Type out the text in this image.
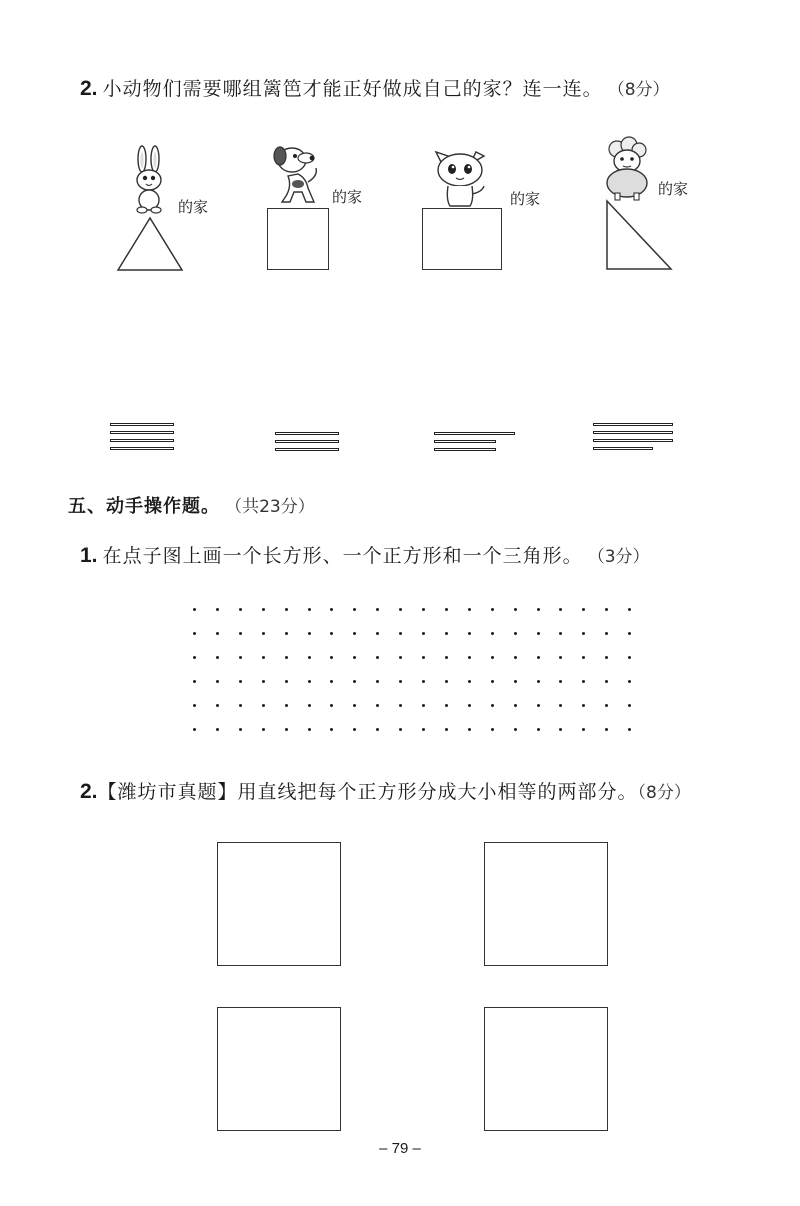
2. 小动物们需要哪组篱笆才能正好做成自己的家？连一连。 （8分）
的家
的家	的家
的家
五、动手操作题。 （共23分）
1. 在点子图上画一个长方形、一个正方形和一个三角形。 （3分）
2.【潍坊市真题】用直线把每个正方形分成大小相等的两部分。（8分）
– 79 –
